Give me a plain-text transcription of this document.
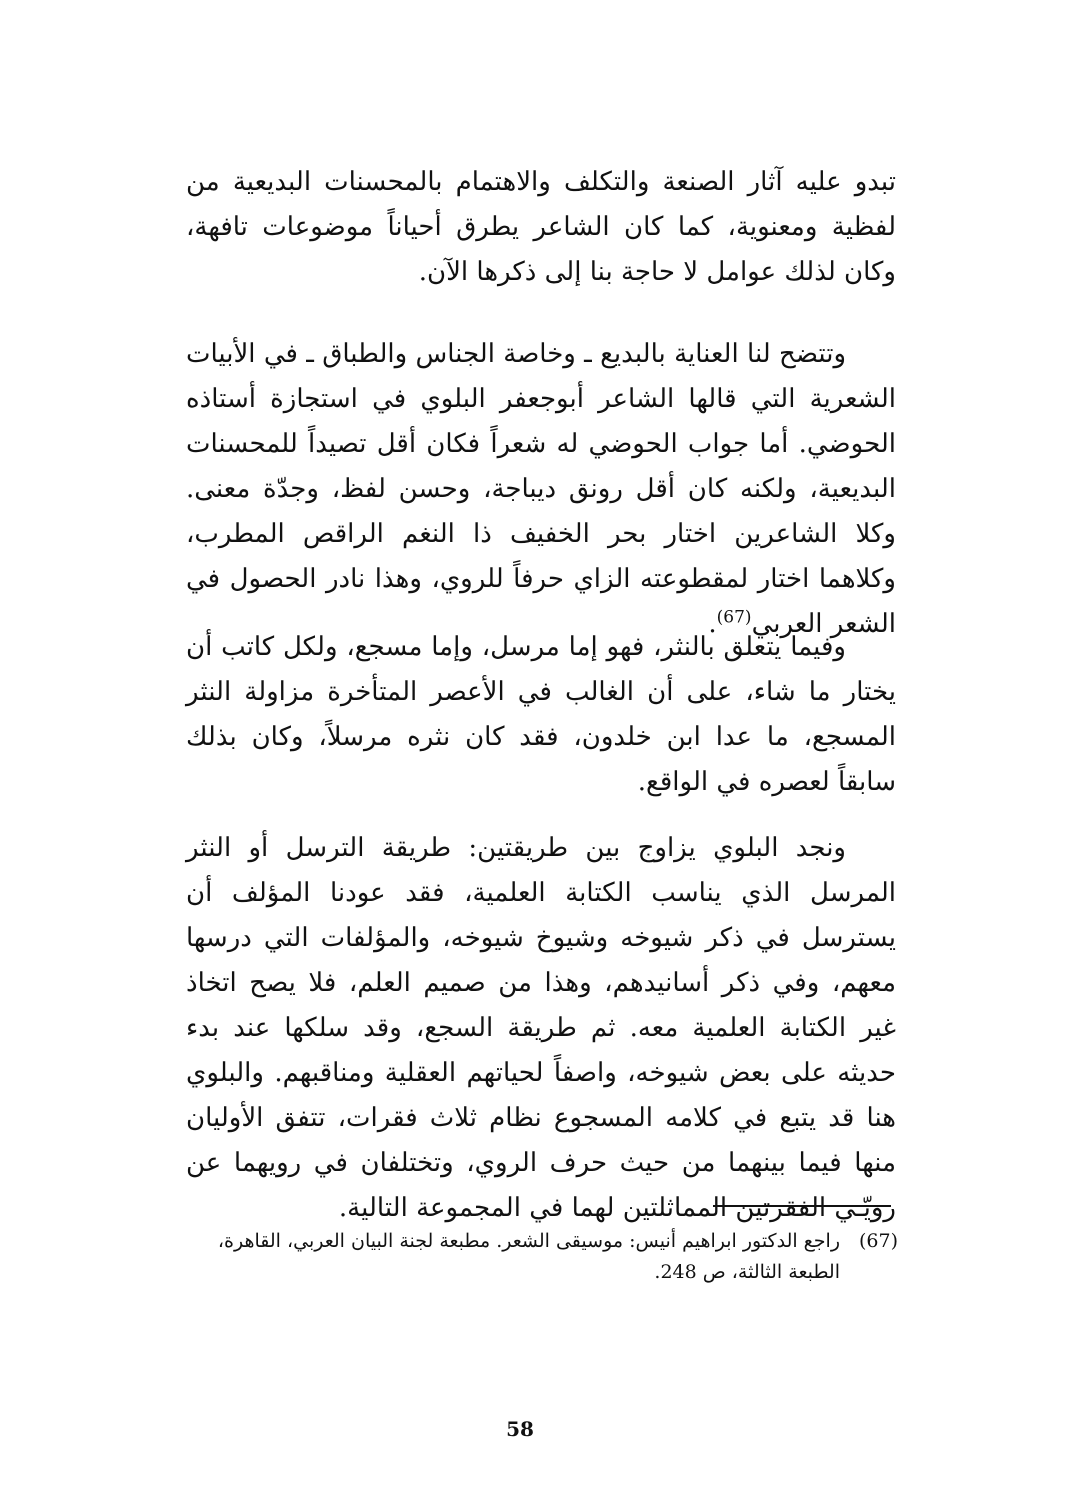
تبدو عليه آثار الصنعة والتكلف والاهتمام بالمحسنات البديعية من لفظية ومعنوية، كما كان الشاعر يطرق أحياناً موضوعات تافهة، وكان لذلك عوامل لا حاجة بنا إلى ذكرها الآن.

وتتضح لنا العناية بالبديع ـ وخاصة الجناس والطباق ـ في الأبيات الشعرية التي قالها الشاعر أبوجعفر البلوي في استجازة أستاذه الحوضي. أما جواب الحوضي له شعراً فكان أقل تصيداً للمحسنات البديعية، ولكنه كان أقل رونق ديباجة، وحسن لفظ، وجدّة معنى. وكلا الشاعرين اختار بحر الخفيف ذا النغم الراقص المطرب، وكلاهما اختار لمقطوعته الزاي حرفاً للروي، وهذا نادر الحصول في الشعر العربي$^{(67)}$.

وفيما يتعلق بالنثر، فهو إما مرسل، وإما مسجع، ولكل كاتب أن يختار ما شاء، على أن الغالب في الأعصر المتأخرة مزاولة النثر المسجع، ما عدا ابن خلدون، فقد كان نثره مرسلاً، وكان بذلك سابقاً لعصره في الواقع.

ونجد البلوي يزاوج بين طريقتين: طريقة الترسل أو النثر المرسل الذي يناسب الكتابة العلمية، فقد عودنا المؤلف أن يسترسل في ذكر شيوخه وشيوخ شيوخه، والمؤلفات التي درسها معهم، وفي ذكر أسانيدهم، وهذا من صميم العلم، فلا يصح اتخاذ غير الكتابة العلمية معه. ثم طريقة السجع، وقد سلكها عند بدء حديثه على بعض شيوخه، واصفاً لحياتهم العقلية ومناقبهم. والبلوي هنا قد يتبع في كلامه المسجوع نظام ثلاث فقرات، تتفق الأوليان منها فيما بينهما من حيث حرف الروي، وتختلفان في رويهما عن رويّـي الفقرتين المماثلتين لهما في المجموعة التالية.

(67)
راجع الدكتور ابراهيم أنيس: موسيقى الشعر. مطبعة لجنة البيان العربي، القاهرة، الطبعة الثالثة، ص 248.
58
